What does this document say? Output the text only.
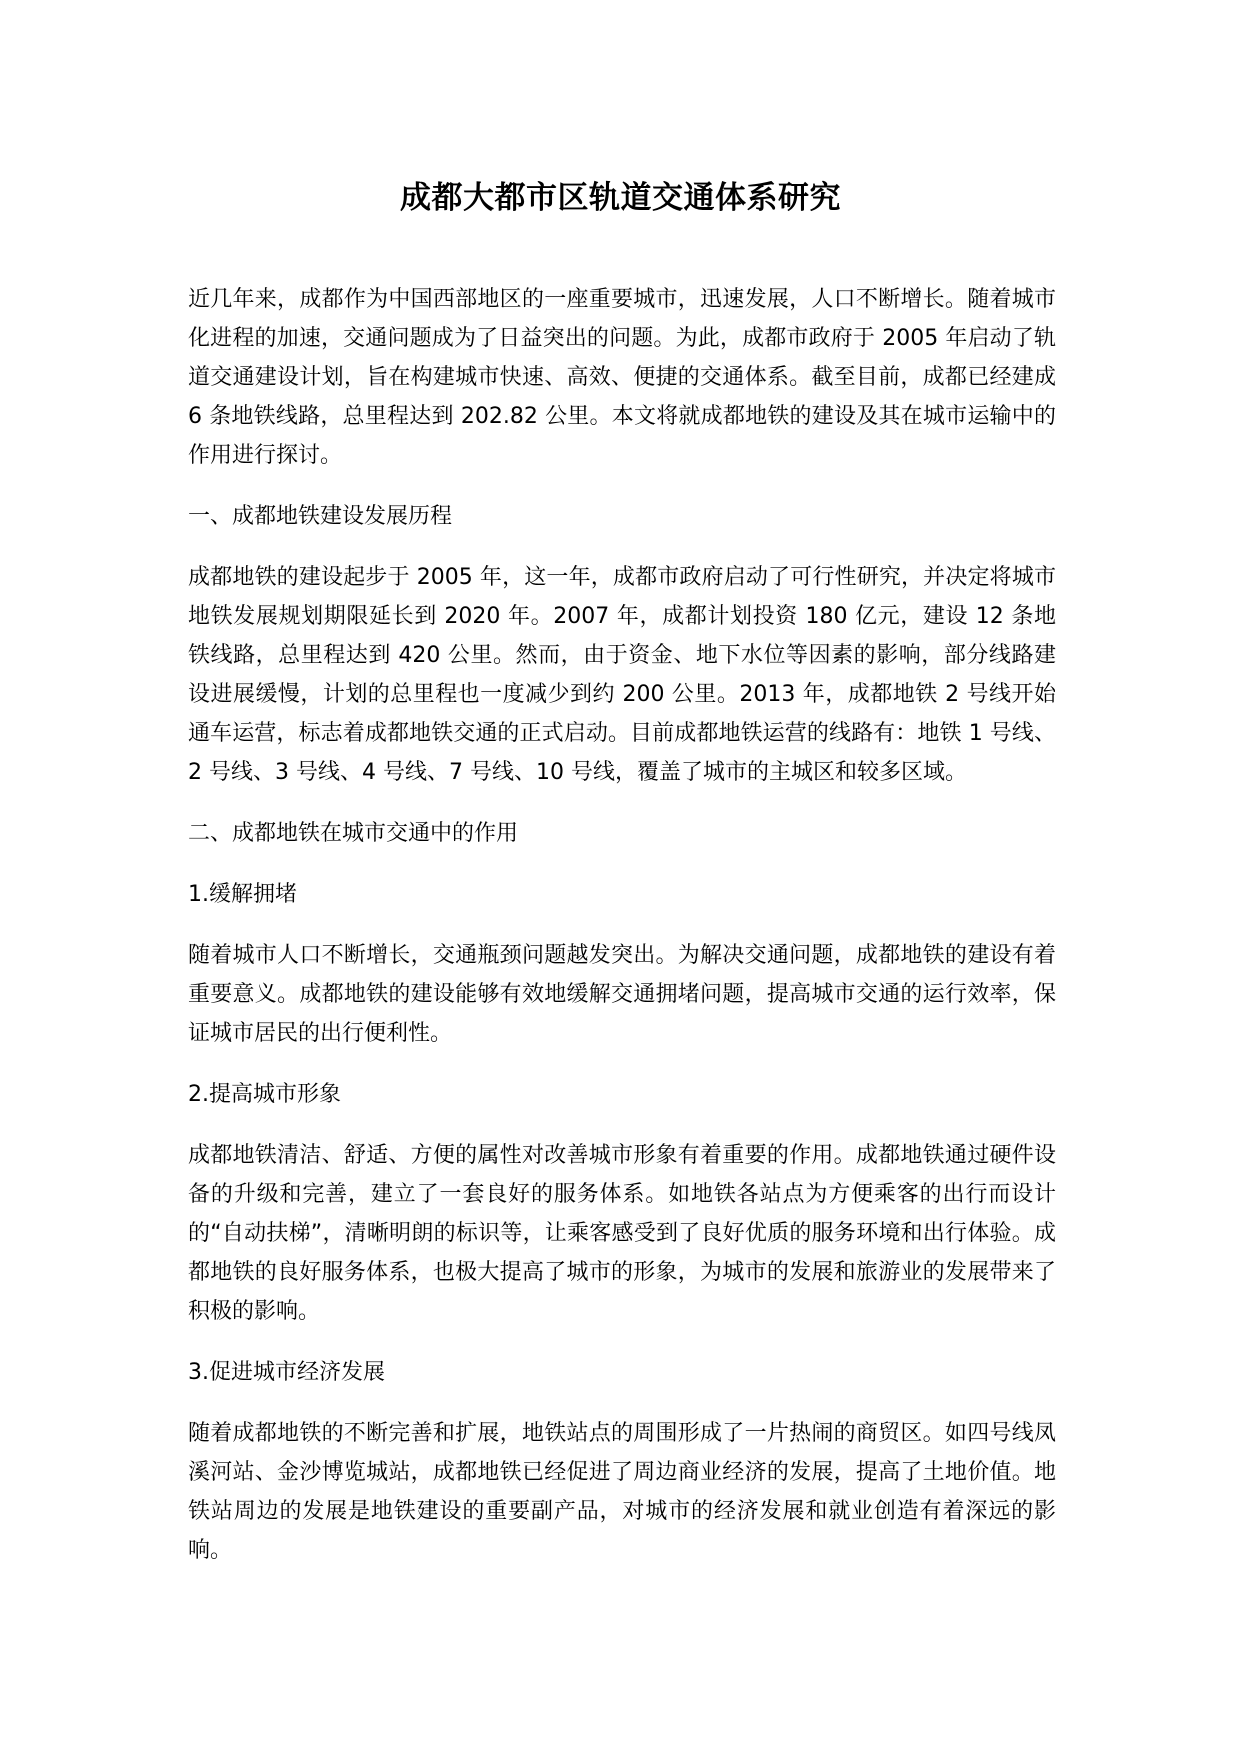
成都大都市区轨道交通体系研究

近几年来，成都作为中国西部地区的一座重要城市，迅速发展，人口不断增长。随着城市化进程的加速，交通问题成为了日益突出的问题。为此，成都市政府于 2005 年启动了轨道交通建设计划，旨在构建城市快速、高效、便捷的交通体系。截至目前，成都已经建成 6 条地铁线路，总里程达到 202.82 公里。本文将就成都地铁的建设及其在城市运输中的作用进行探讨。

一、成都地铁建设发展历程

成都地铁的建设起步于 2005 年，这一年，成都市政府启动了可行性研究，并决定将城市地铁发展规划期限延长到 2020 年。2007 年，成都计划投资 180 亿元，建设 12 条地铁线路，总里程达到 420 公里。然而，由于资金、地下水位等因素的影响，部分线路建设进展缓慢，计划的总里程也一度减少到约 200 公里。2013 年，成都地铁 2 号线开始通车运营，标志着成都地铁交通的正式启动。目前成都地铁运营的线路有：地铁 1 号线、2 号线、3 号线、4 号线、7 号线、10 号线，覆盖了城市的主城区和较多区域。

二、成都地铁在城市交通中的作用

1.缓解拥堵

随着城市人口不断增长，交通瓶颈问题越发突出。为解决交通问题，成都地铁的建设有着重要意义。成都地铁的建设能够有效地缓解交通拥堵问题，提高城市交通的运行效率，保证城市居民的出行便利性。

2.提高城市形象

成都地铁清洁、舒适、方便的属性对改善城市形象有着重要的作用。成都地铁通过硬件设备的升级和完善，建立了一套良好的服务体系。如地铁各站点为方便乘客的出行而设计的“自动扶梯”，清晰明朗的标识等，让乘客感受到了良好优质的服务环境和出行体验。成都地铁的良好服务体系，也极大提高了城市的形象，为城市的发展和旅游业的发展带来了积极的影响。

3.促进城市经济发展

随着成都地铁的不断完善和扩展，地铁站点的周围形成了一片热闹的商贸区。如四号线凤溪河站、金沙博览城站，成都地铁已经促进了周边商业经济的发展，提高了土地价值。地铁站周边的发展是地铁建设的重要副产品，对城市的经济发展和就业创造有着深远的影响。
